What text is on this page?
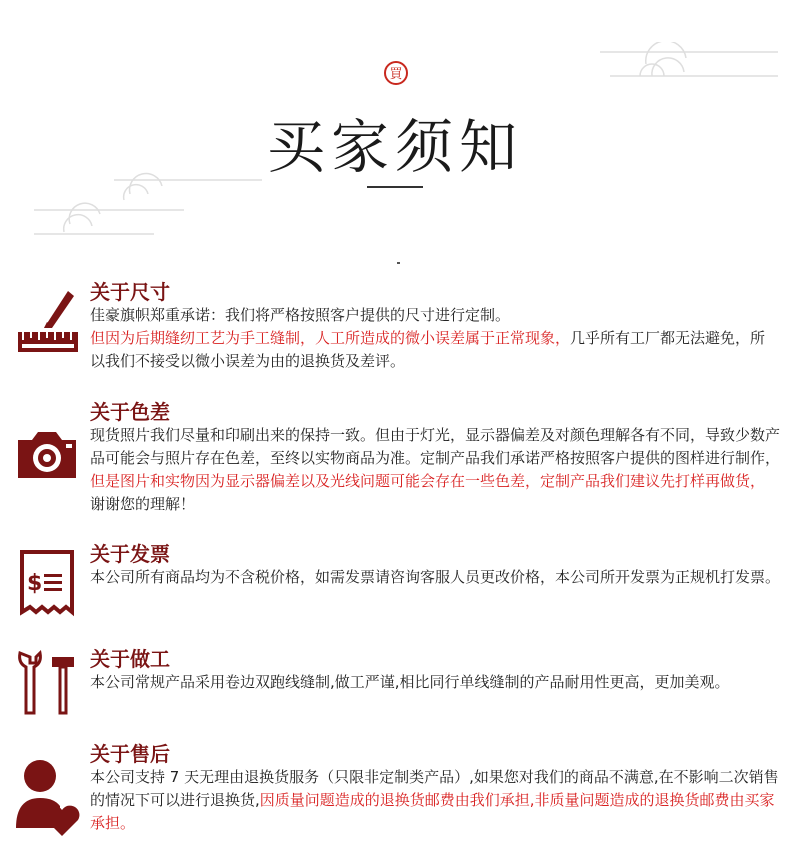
買
买家须知
关于尺寸
佳豪旗帜郑重承诺：我们将严格按照客户提供的尺寸进行定制。
但因为后期缝纫工艺为手工缝制，人工所造成的微小误差属于正常现象，几乎所有工厂都无法避免，所以我们不接受以微小误差为由的退换货及差评。
关于色差
现货照片我们尽量和印刷出来的保持一致。但由于灯光，显示器偏差及对颜色理解各有不同，导致少数产品可能会与照片存在色差，至终以实物商品为准。定制产品我们承诺严格按照客户提供的图样进行制作，但是图片和实物因为显示器偏差以及光线问题可能会存在一些色差，定制产品我们建议先打样再做货，谢谢您的理解！
$
关于发票
本公司所有商品均为不含税价格，如需发票请咨询客服人员更改价格，本公司所开发票为正规机打发票。
关于做工
本公司常规产品采用卷边双跑线缝制,做工严谨,相比同行单线缝制的产品耐用性更高，更加美观。
关于售后
本公司支持 7 天无理由退换货服务（只限非定制类产品）,如果您对我们的商品不满意,在不影响二次销售的情况下可以进行退换货,因质量问题造成的退换货邮费由我们承担,非质量问题造成的退换货邮费由买家承担。
